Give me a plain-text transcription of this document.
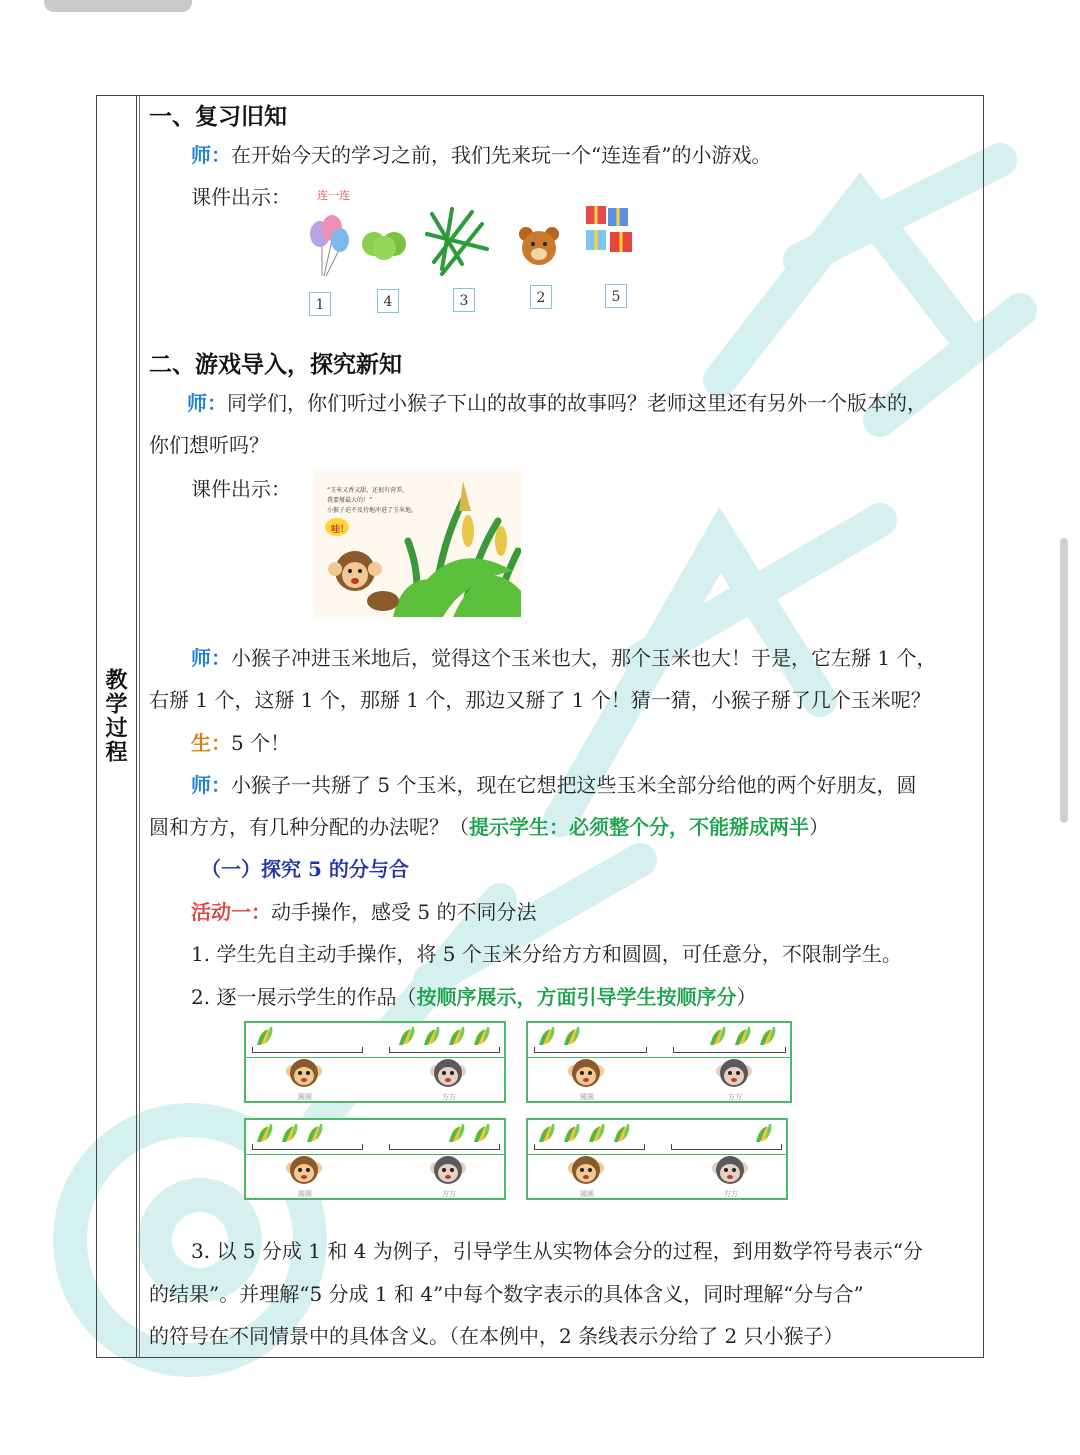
教学过程
一、复习旧知
师：在开始今天的学习之前，我们先来玩一个“连连看”的小游戏。
课件出示： 连一连
1	4	3	2	5
二、游戏导入，探究新知
师：同学们，你们听过小猴子下山的故事的故事吗？老师这里还有另外一个版本的，
你们想听吗？
课件出示：	“玉米又香又甜，还很有营养，
我要掰最大的！”
小猴子迫不及待地冲进了玉米地。
哇！
师：小猴子冲进玉米地后，觉得这个玉米也大，那个玉米也大！于是，它左掰 1 个，
右掰 1 个，这掰 1 个，那掰 1 个，那边又掰了 1 个！猜一猜，小猴子掰了几个玉米呢？
生：5 个！
师：小猴子一共掰了 5 个玉米，现在它想把这些玉米全部分给他的两个好朋友，圆
圆和方方，有几种分配的办法呢？（提示学生：必须整个分，不能掰成两半）
（一）探究 5 的分与合
活动一：动手操作，感受 5 的不同分法
1. 学生先自主动手操作，将 5 个玉米分给方方和圆圆，可任意分，不限制学生。
2. 逐一展示学生的作品（按顺序展示，方面引导学生按顺序分）
圆圆	方方	圆圆	方方
圆圆	方方	圆圆	方方
3. 以 5 分成 1 和 4 为例子，引导学生从实物体会分的过程，到用数学符号表示“分
的结果”。并理解“5 分成 1 和 4”中每个数字表示的具体含义，同时理解“分与合”
的符号在不同情景中的具体含义。（在本例中，2 条线表示分给了 2 只小猴子）
